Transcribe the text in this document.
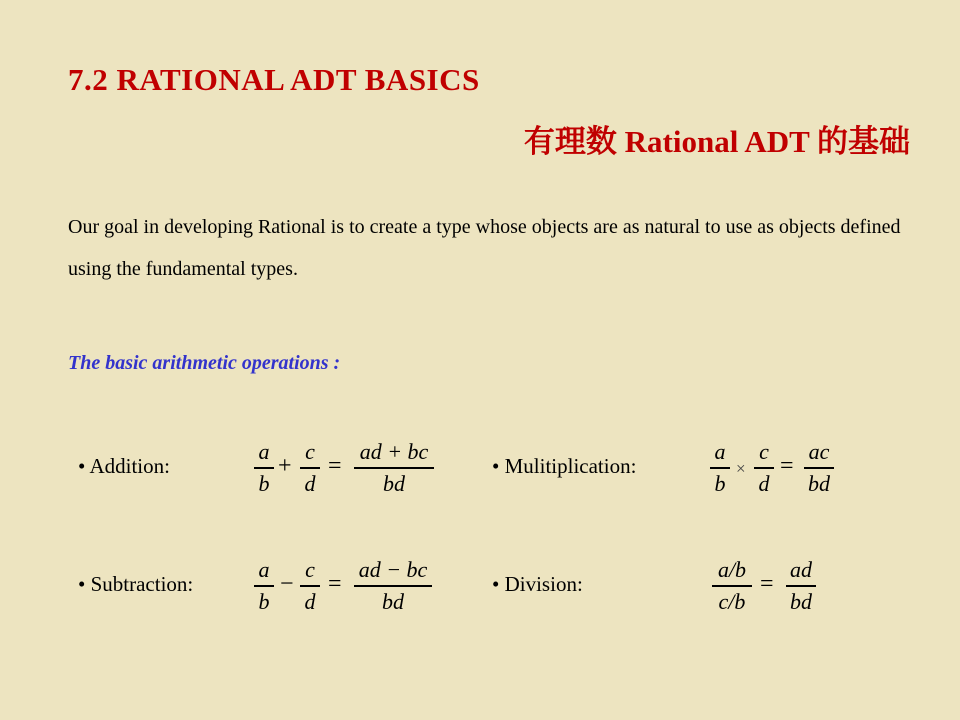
7.2 RATIONAL ADT BASICS
有理数 Rational ADT 的基础

Our goal in developing Rational is to create a type whose objects are as natural to use as objects defined using the fundamental types.

The basic arithmetic operations :

• Addition:

a
b
+
c
d
=
ad + bc
bd

• Mulitiplication:

a
b
×
c
d
=
ac
bd

• Subtraction:

a
b
−
c
d
=
ad − bc
bd

• Division:

a/b
c/b
=
ad
bd
